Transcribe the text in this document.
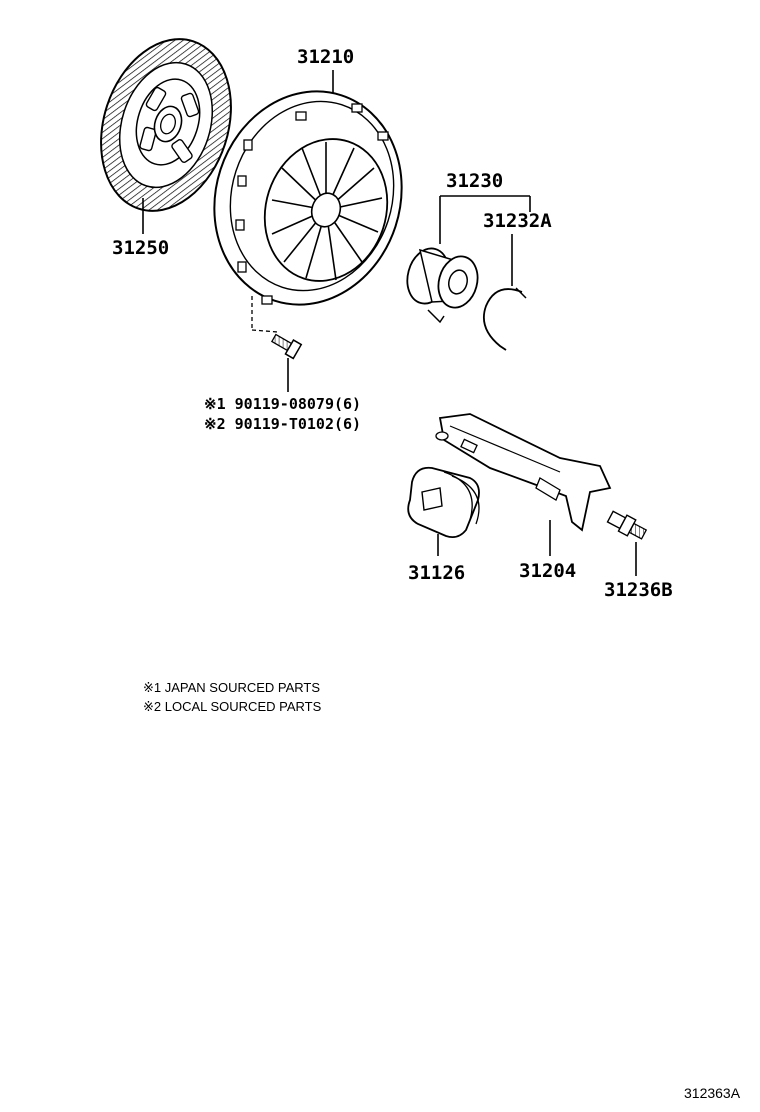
31210
31250
31230
31232A
31126	31204
31236B
※1 90119-08079(6)
※2 90119-T0102(6)
※1 JAPAN SOURCED PARTS
※2 LOCAL SOURCED PARTS
312363A
